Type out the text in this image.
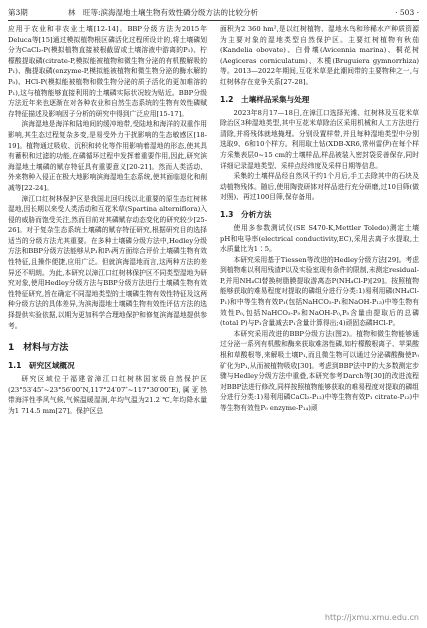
第3期	林　旺等:滨海湿地土壤生物有效性磷分级方法的比较分析	· 503 ·

应用于农业和非农业土壤[12-14]。BBP分级方法为2015年Deluca等[15]通过模拟植物根区磷活化过程所设计的,将土壤磷划分为CaCl₂-P(模拟植物直接被根截留或土壤溶液中游离的P₁)、柠檬酸提取磷(citrate-P,模拟能被植物和微生物分泌的有机酸解吸的P₁)、酶提取磷(enzyme-P,模拟能被植物和微生物分泌的酶水解的P₀)、HCl-P(模拟能被植物和微生物分泌的质子活化的更加难溶的P₁),这与植物能够直接利用的土壤磷实际状况较为贴近。BBP分级方法近年来也逐渐在对各种农业和自然生态系统的生物有效性磷赋存特征描述及影响因子分析的研究中得到广泛应用[15-17]。

滨海湿地是海洋和陆地间的缓冲地带,受陆地和海洋的双重作用影响,其生态过程复杂多变,是易受外力干扰影响的生态敏感区[18-19]。植物通过吸收、沉积和转化等作用影响着湿地的形态,使其具有蓄积和过滤的功能,在磷循环过程中发挥着重要作用,因此,研究滨海湿地土壤磷的赋存特征具有重要意义[20-21]。然而人类活动、外来物种入侵正在极大地影响滨海湿地生态系统,使其面临退化和削减等[22-24]。

漳江口红树林保护区是我国北回归线以北重要的原生态红树林湿地,因长期以来受人类活动和互花米草(Spartina alterniflora)入侵的威胁而饱受关注,然而目前对其磷赋存动态变化的研究较少[25-26]。对于复杂生态系统土壤磷的赋存特征研究,根据研究目的选择适当的分级方法尤其重要。在多种土壤磷分级方法中,Hedley分级方法和BBP分级方法能够从P₁和P₀两方面综合评价土壤磷生物有效性特征,且操作便捷,应用广泛。但就滨海湿地而言,这两种方法的差异还不明朗。为此,本研究以漳江口红树林保护区不同类型湿地为研究对象,使用Hedley分级方法与BBP分级方法进行土壤磷生物有效性特征研究,旨在确定不同湿地类型的土壤磷生物有效性特征及这两种分级方法的具体差异,为滨海湿地土壤磷生物有效性评估方法的选择提供实验依据,以期为更加科学合理地保护和修复滨海湿地提供参考。

1　材料与方法
1.1　研究区域概况

研究区域位于福建省漳江口红树林国家级自然保护区(23°53′45″~23°56′00″N,117°24′07″~117°30′00″E),属亚热带海洋性季风气候,气候温暖湿润,年均气温为21.2 ℃,年均降水量为1 714.5 mm[27]。保护区总

面积为2 360 hm²,是以红树植物、湿地水鸟和珍稀水产种质资源为主要对象的湿地类型自然保护区。主要红树植物有秋茄(Kandelia obovate)、白骨壤(Avicennia marina)、桐花树(Aegiceras corniculatum)、木榄(Bruguiera gymnorrhiza)等。2013—2022年期间,互花米草是此潮间带的主要物种之一,与红树林存在竞争关系[27-28]。

1.2　土壤样品采集与处理

2023年8月17—18日,在漳江口选择光滩、红树林及互花米草除治区3种湿地类型,其中互花米草除治区采用机械和人工方法进行清除,并将残体就地掩埋。分别设置样带,并且每种湿地类型中分别选取9、6和10个样方。利用取土钻(XDB-XR6,常州雷伊)在每个样方采集表层0~15 cm的土壤样品,样品被装入密封袋妥善保存,同时详细记录湿地类型、采样点经纬度及采样日期等信息。

采集的土壤样品经自然风干约1个月后,手工去除其中的石块及动植物残体。随后,使用陶瓷研钵对样品进行充分研磨,过10目筛(做对照)、再过100目筛,保存备用。

1.3　分析方法

使用多参数测试仪(SE S470-K,Mettler Toledo)测定土壤pH和电导率(electrical conductivity,EC),采用去离子水提取,土水质量比为1∶5。

本研究采用基于Tiessen等改进的Hedley分级方法[29]。考虑到植物难以利用残渣P以及实验室现有条件的限制,未测定residual-P,并用NH₄Cl替换树脂膜提取游离态P(NH₄Cl-P)[29]。按照植物能够获取的难易程度对提取的磷组分进行分类:1)易利用磷(NH₄Cl-P₁)和中等生物有效P₁(包括NaHCO₃-P₁和NaOH-P₁₃)中等生物有效性P₀,包括NaHCO₃-P₀和NaOH-P₀,P₀含量由提取后的总磷(total P)与P₁含量减去P₁含量计算得出;4)顽固态磷HCl-P。

本研究采用改进的BBP分级方法(图2)。植物和微生物能够通过分泌一系列有机酸和酶来获取难溶性磷,如柠檬酸根离子、苹果酸根和草酸根等,来解吸土壤P₁,而且微生物可以通过分泌磷酸酶使P₀矿化为P₁,从而被植物吸收[30]。考虑到BBP法中P的大多数测定步骤与Hedley分级方法中重叠,本研究参考Darch等[30]的改进流程对BBP法进行修改,同样按照植物能够获取的难易程度对提取的磷组分进行分类:1)易利用磷CaCl₂-P₁₂)中等生物有效P₁ citrate-P₁₃)中等生物有效性P₀ enzyme-P₁₄)顽

http://jxmu.xmu.edu.cn
